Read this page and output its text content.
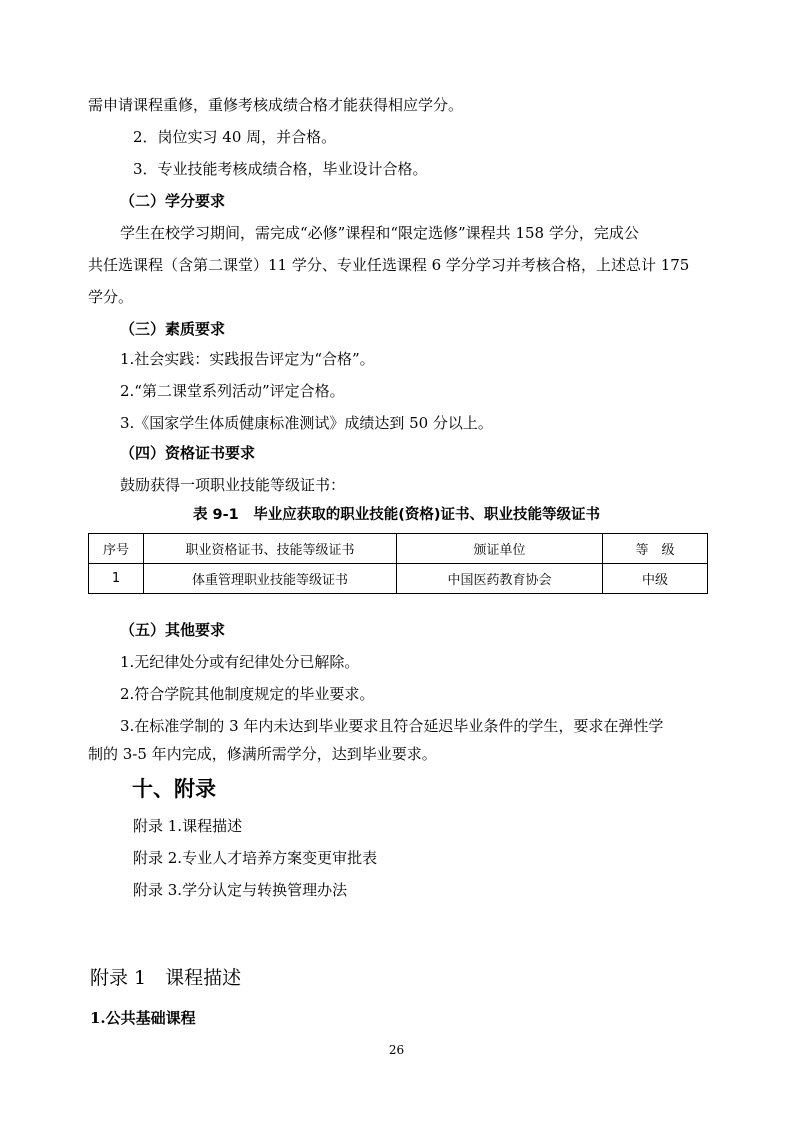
需申请课程重修，重修考核成绩合格才能获得相应学分。

2．岗位实习 40 周，并合格。

3．专业技能考核成绩合格，毕业设计合格。

（二）学分要求

学生在校学习期间，需完成“必修”课程和“限定选修”课程共 158 学分，完成公

共任选课程（含第二课堂）11 学分、专业任选课程 6 学分学习并考核合格，上述总计 175

学分。

（三）素质要求

1.社会实践：实践报告评定为“合格”。

2.“第二课堂系列活动”评定合格。

3.《国家学生体质健康标准测试》成绩达到 50 分以上。

（四）资格证书要求

鼓励获得一项职业技能等级证书：

表 9-1　毕业应获取的职业技能(资格)证书、职业技能等级证书

序号	职业资格证书、技能等级证书	颁证单位	等　级
1	体重管理职业技能等级证书	中国医药教育协会	中级

（五）其他要求

1.无纪律处分或有纪律处分已解除。

2.符合学院其他制度规定的毕业要求。

3.在标准学制的 3 年内未达到毕业要求且符合延迟毕业条件的学生，要求在弹性学

制的 3-5 年内完成，修满所需学分，达到毕业要求。

十、附录

附录 1.课程描述

附录 2.专业人才培养方案变更审批表

附录 3.学分认定与转换管理办法

附录 1　课程描述

1.公共基础课程

26
